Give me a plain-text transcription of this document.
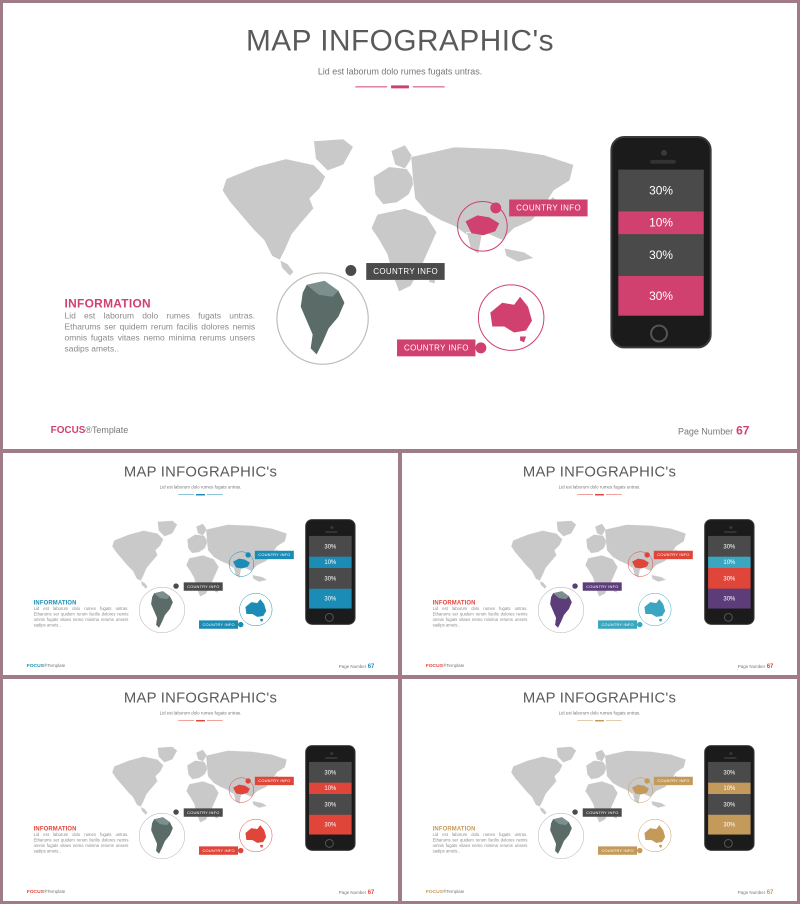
MAP INFOGRAPHIC's
Lid est laborum dolo rumes fugats untras.
COUNTRY INFO
COUNTRY INFO
COUNTRY INFO
INFORMATION
Lid est laborum dolo rumes fugats untras. Etharums ser quidem rerum facilis dolores nemis omnis fugats vitaes nemo minima rerums unsers sadips amets..
30%
10%
30%
30%
FOCUS®Template	Page Number 67
MAP INFOGRAPHIC's
Lid est laborum dolo rumes fugats untras.
COUNTRY INFO
COUNTRY INFO
COUNTRY INFO
INFORMATION
Lid est laborum dolo rumes fugats untras. Etharums ser quidem rerum facilis dolores nemis omnis fugats vitaes nemo minima rerums unsers sadips amets..
30%
10%
30%
30%
FOCUS®Template	Page Number67
MAP INFOGRAPHIC's
Lid est laborum dolo rumes fugats untras.
COUNTRY INFO
COUNTRY INFO
COUNTRY INFO
INFORMATION
Lid est laborum dolo rumes fugats untras. Etharums ser quidem rerum facilis dolores nemis omnis fugats vitaes nemo minima rerums unsers sadips amets..
30%
10%
30%
30%
FOCUS®Template	Page Number67
MAP INFOGRAPHIC's
Lid est laborum dolo rumes fugats untras.
COUNTRY INFO
COUNTRY INFO
COUNTRY INFO
INFORMATION
Lid est laborum dolo rumes fugats untras. Etharums ser quidem rerum facilis dolores nemis omnis fugats vitaes nemo minima rerums unsers sadips amets..
30%
10%
30%
30%
FOCUS®Template	Page Number67
MAP INFOGRAPHIC's
Lid est laborum dolo rumes fugats untras.
COUNTRY INFO
COUNTRY INFO
COUNTRY INFO
INFORMATION
Lid est laborum dolo rumes fugats untras. Etharums ser quidem rerum facilis dolores nemis omnis fugats vitaes nemo minima rerums unsers sadips amets..
30%
10%
30%
30%
FOCUS®Template	Page Number67
